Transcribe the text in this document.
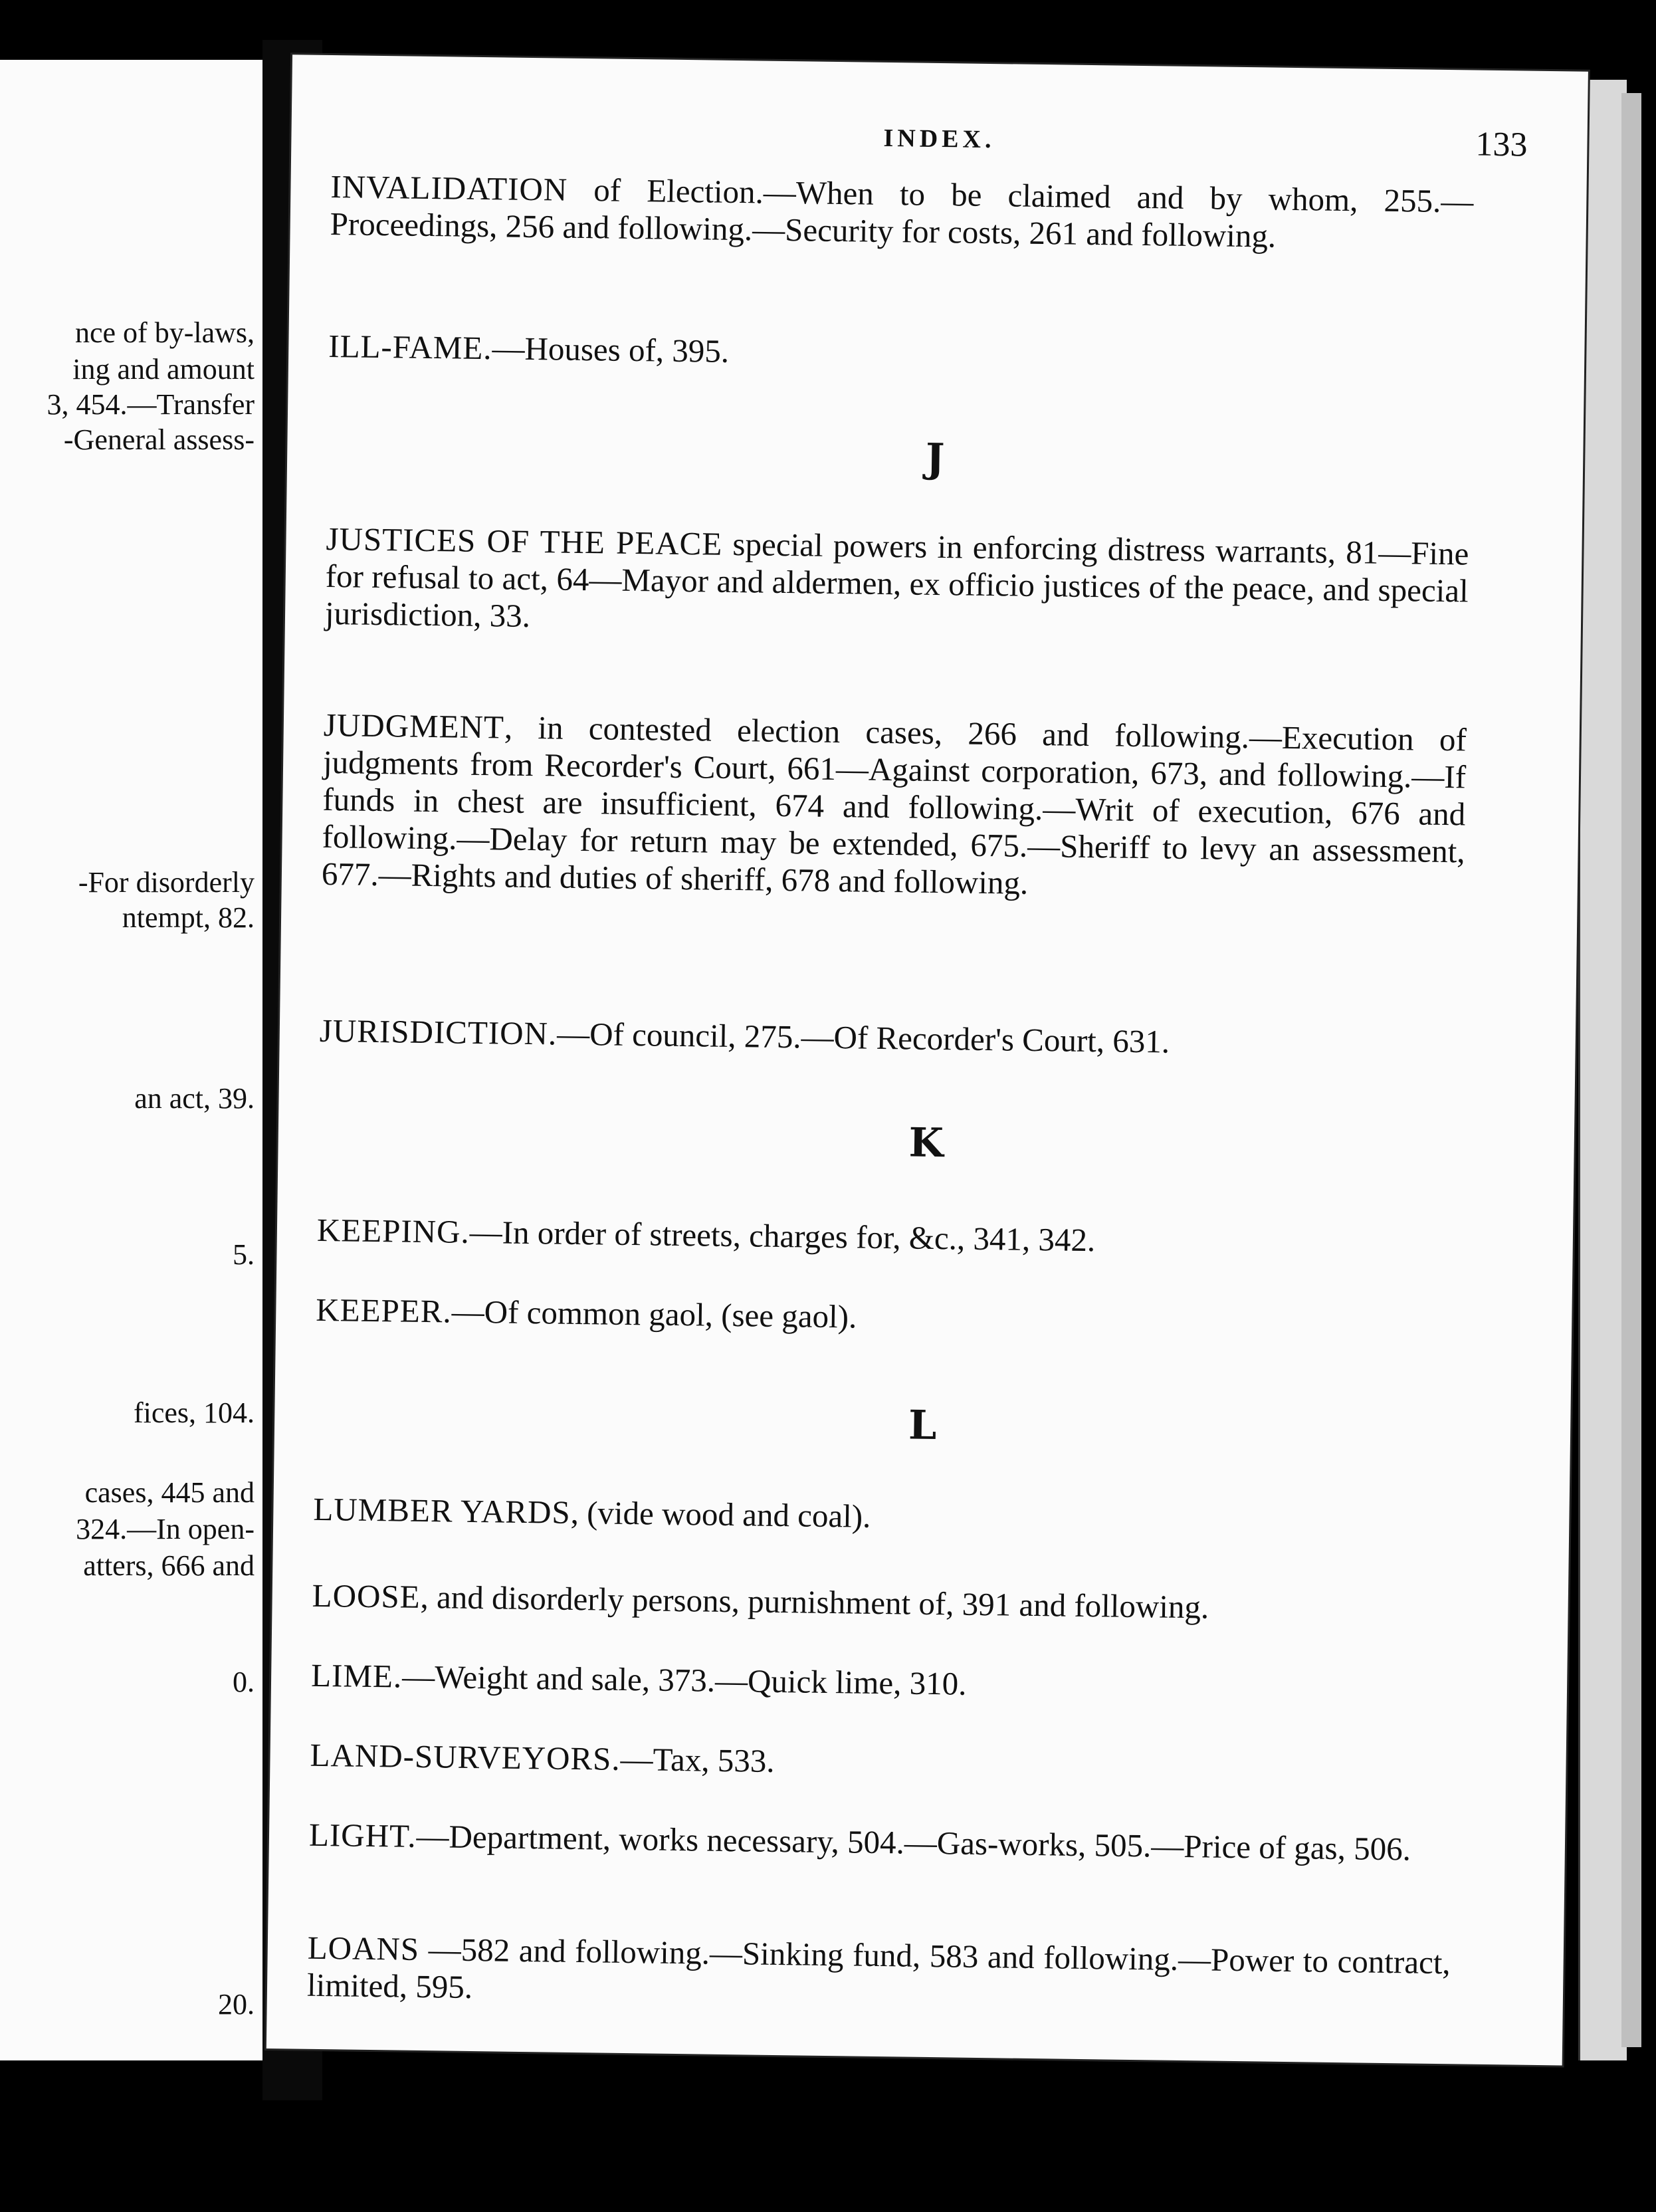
nce of by-laws,
ing and amount
3, 454.—Transfer
-General assess-
-For disorderly
ntempt, 82.
an act, 39.
5.
fices, 104.
cases, 445 and
324.—In open-
atters, 666 and
0.
20.
INDEX.	133
INVALIDATION of Election.—When to be claimed and by whom, 255.—Proceedings, 256 and following.—Security for costs, 261 and following.
ILL-FAME.—Houses of, 395.
J
JUSTICES OF THE PEACE special powers in enforcing distress warrants, 81—Fine for refusal to act, 64—Mayor and aldermen, ex officio justices of the peace, and special jurisdiction, 33.
JUDGMENT, in contested election cases, 266 and following.—Execution of judgments from Recorder's Court, 661—Against corporation, 673, and following.—If funds in chest are insufficient, 674 and following.—Writ of execution, 676 and following.—Delay for return may be extended, 675.—Sheriff to levy an assessment, 677.—Rights and duties of sheriff, 678 and following.
JURISDICTION.—Of council, 275.—Of Recorder's Court, 631.
K
KEEPING.—In order of streets, charges for, &c., 341, 342.
KEEPER.—Of common gaol, (see gaol).
L
LUMBER YARDS, (vide wood and coal).
LOOSE, and disorderly persons, purnishment of, 391 and following.
LIME.—Weight and sale, 373.—Quick lime, 310.
LAND-SURVEYORS.—Tax, 533.
LIGHT.—Department, works necessary, 504.—Gas-works, 505.—Price of gas, 506.
LOANS —582 and following.—Sinking fund, 583 and following.—Power to contract, limited, 595.
